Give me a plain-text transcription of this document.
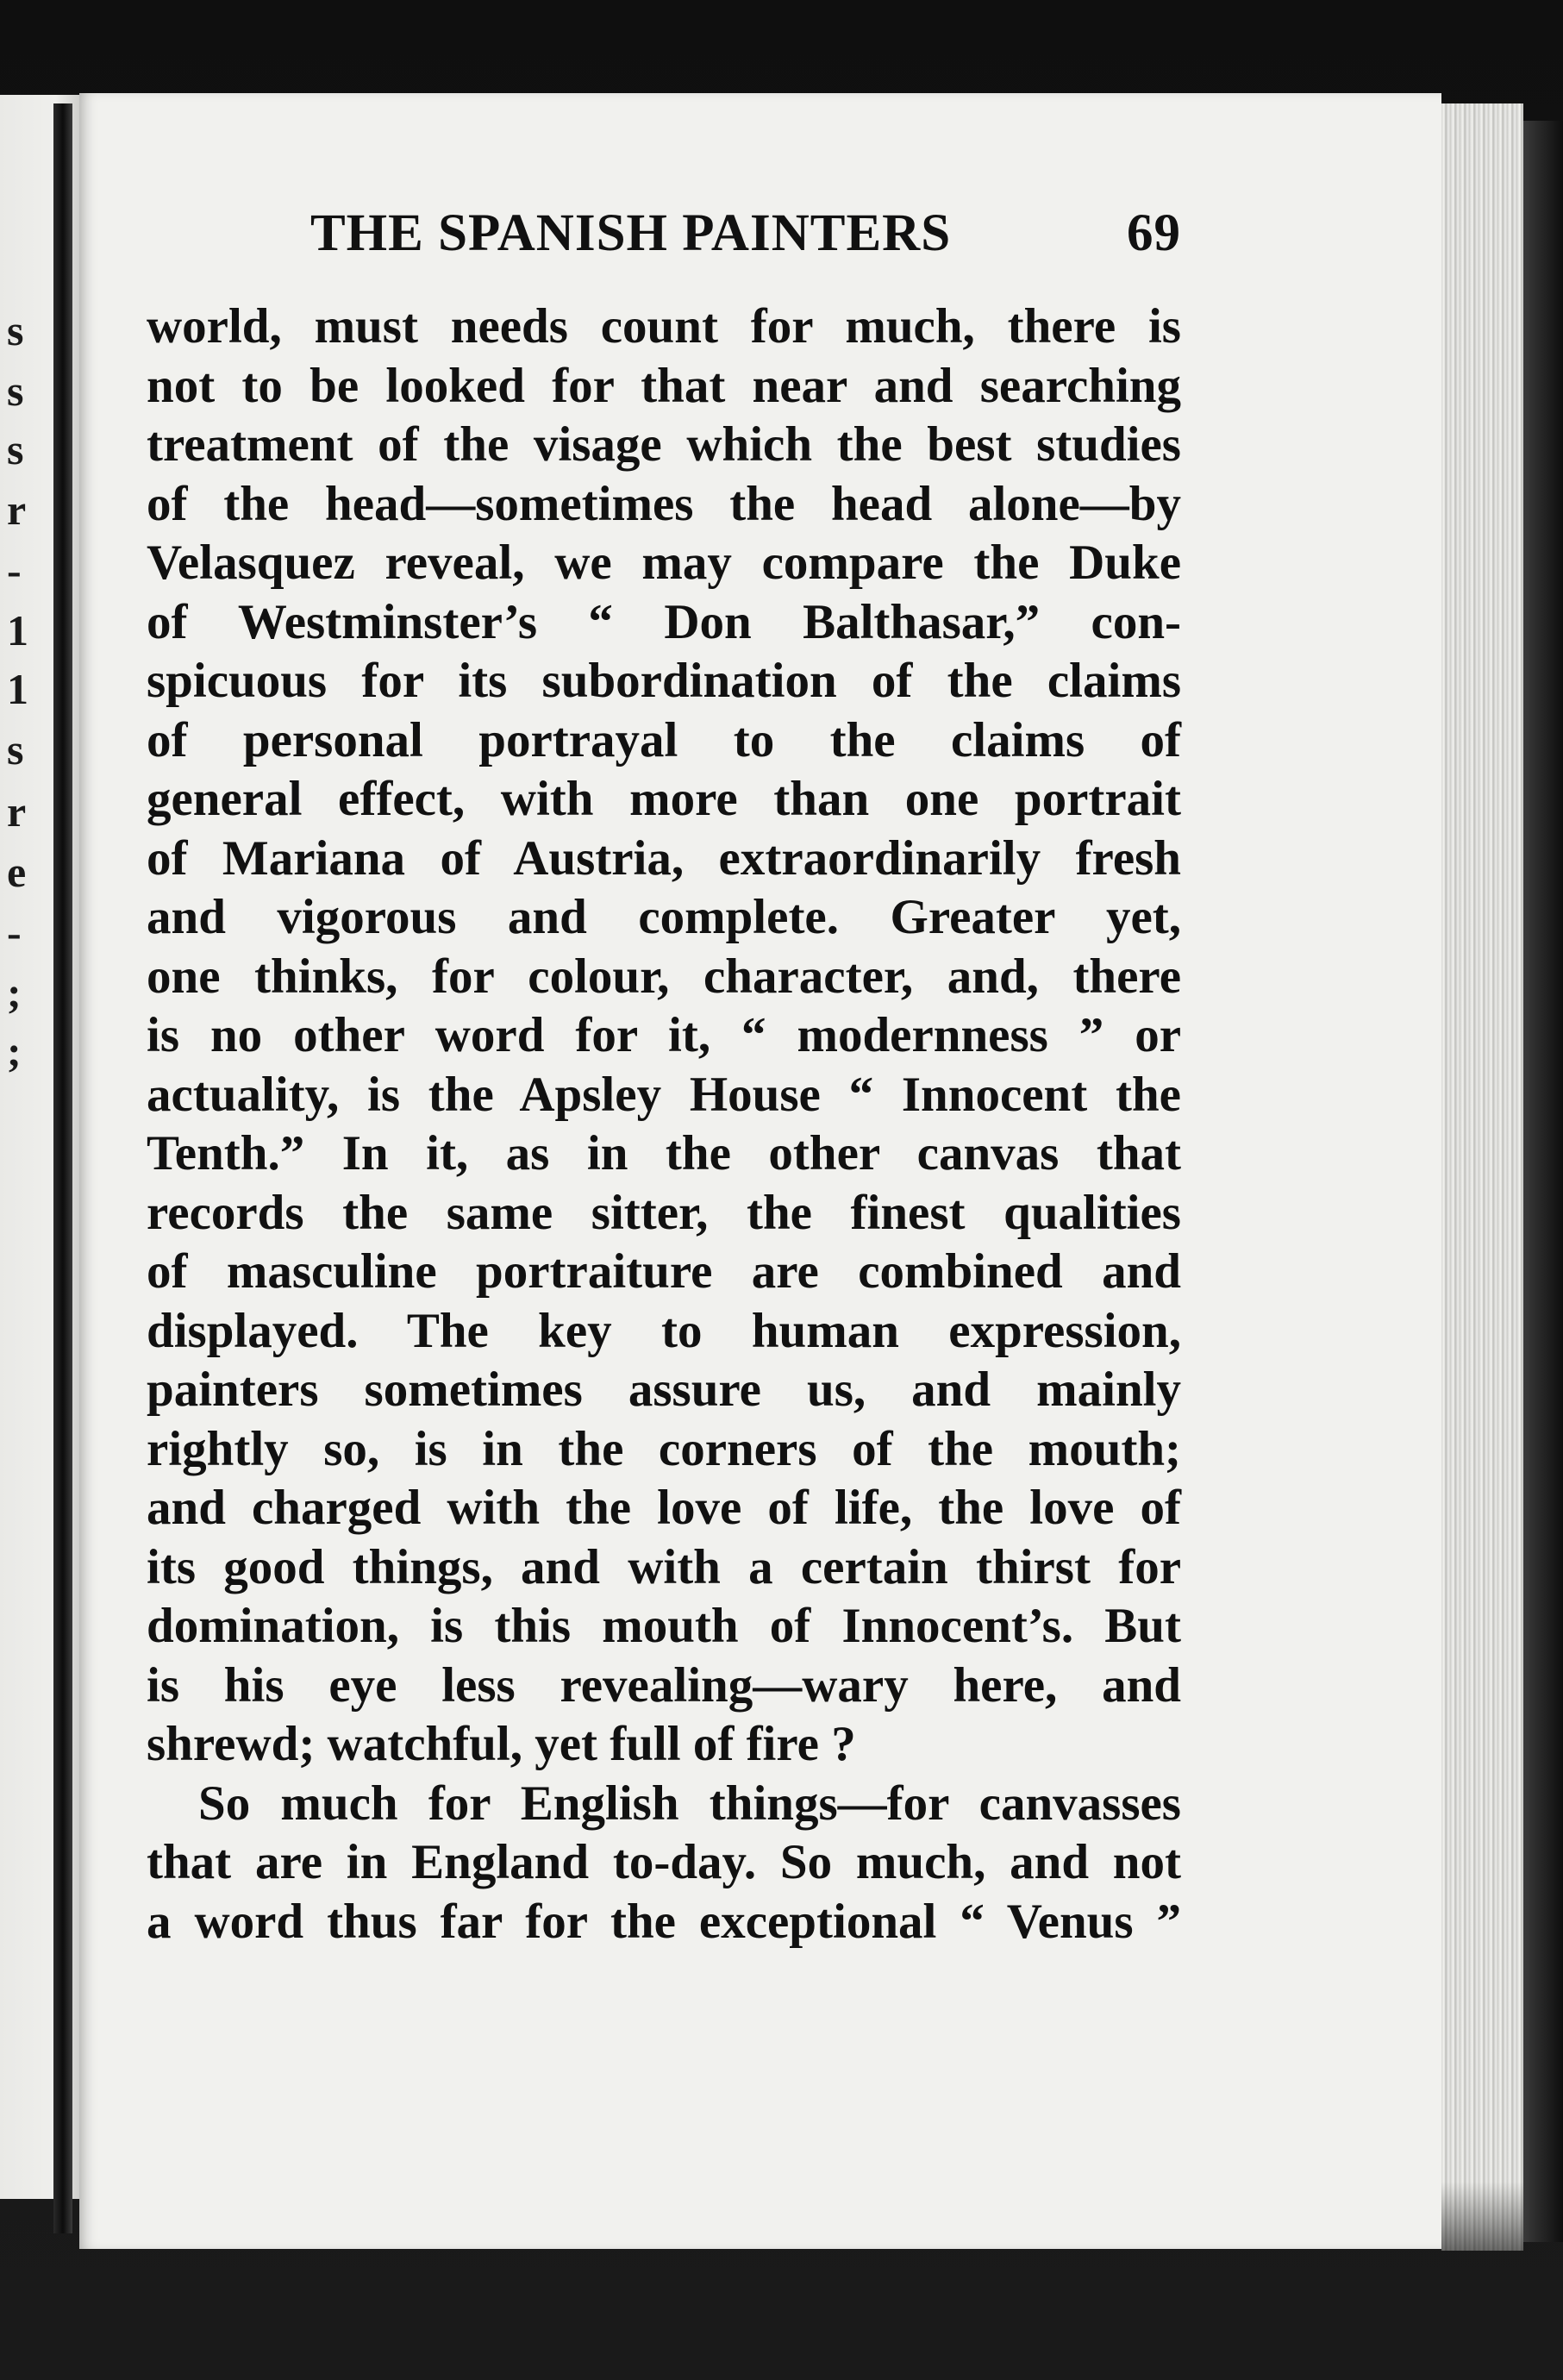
s
s
s
r
-
1
1
s
r
e
-
;
;
THE SPANISH PAINTERS	69
world, must needs count for much, there is
not to be looked for that near and searching
treatment of the visage which the best studies
of the head—sometimes the head alone—by
Velasquez reveal, we may compare the Duke
of Westminster’s “ Don Balthasar,” con-
spicuous for its subordination of the claims
of personal portrayal to the claims of
general effect, with more than one portrait
of Mariana of Austria, extraordinarily fresh
and vigorous and complete. Greater yet,
one thinks, for colour, character, and, there
is no other word for it, “ modernness ” or
actuality, is the Apsley House “ Innocent the
Tenth.” In it, as in the other canvas that
records the same sitter, the finest qualities
of masculine portraiture are combined and
displayed. The key to human expression,
painters sometimes assure us, and mainly
rightly so, is in the corners of the mouth;
and charged with the love of life, the love of
its good things, and with a certain thirst for
domination, is this mouth of Innocent’s. But
is his eye less revealing—wary here, and
shrewd; watchful, yet full of fire ?
So much for English things—for canvasses
that are in England to-day. So much, and not
a word thus far for the exceptional “ Venus ”
